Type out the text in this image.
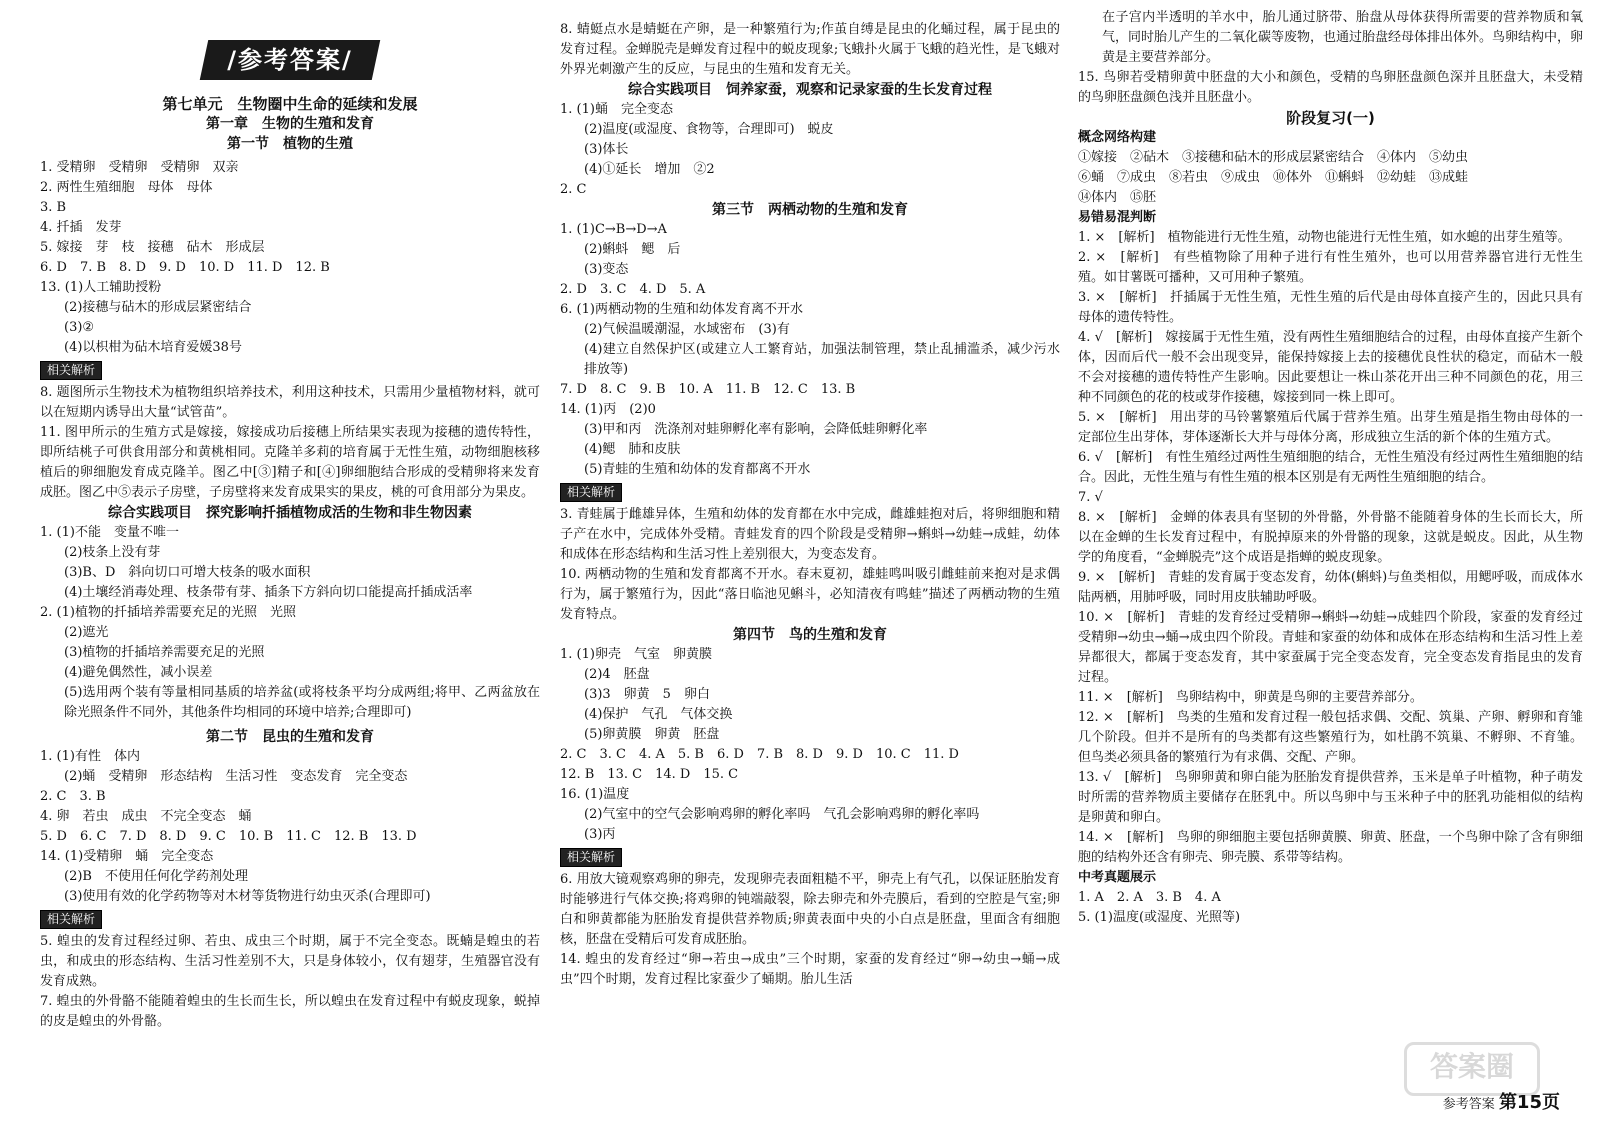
/参考答案/
第七单元　生物圈中生命的延续和发展
第一章　生物的生殖和发育
第一节　植物的生殖
1. 受精卵　受精卵　受精卵　双亲
2. 两性生殖细胞　母体　母体
3. B
4. 扦插　发芽
5. 嫁接　芽　枝　接穗　砧木　形成层
6. D　7. B　8. D　9. D　10. D　11. D　12. B
13. (1)人工辅助授粉
(2)接穗与砧木的形成层紧密结合
(3)②
(4)以枳柑为砧木培育爱媛38号
相关解析
8. 题图所示生物技术为植物组织培养技术，利用这种技术，只需用少量植物材料，就可以在短期内诱导出大量“试管苗”。
11. 图甲所示的生殖方式是嫁接，嫁接成功后接穗上所结果实表现为接穗的遗传特性，即所结桃子可供食用部分和黄桃相同。克隆羊多莉的培育属于无性生殖，动物细胞核移植后的卵细胞发育成克隆羊。图乙中[③]精子和[④]卵细胞结合形成的受精卵将来发育成胚。图乙中⑤表示子房壁，子房壁将来发育成果实的果皮，桃的可食用部分为果皮。
综合实践项目　探究影响扦插植物成活的生物和非生物因素
1. (1)不能　变量不唯一
(2)枝条上没有芽
(3)B、D　斜向切口可增大枝条的吸水面积
(4)土壤经消毒处理、枝条带有芽、插条下方斜向切口能提高扦插成活率
2. (1)植物的扦插培养需要充足的光照　光照
(2)遮光
(3)植物的扦插培养需要充足的光照
(4)避免偶然性，减小误差
(5)选用两个装有等量相同基质的培养盆(或将枝条平均分成两组;将甲、乙两盆放在除光照条件不同外，其他条件均相同的环境中培养;合理即可)
第二节　昆虫的生殖和发育
1. (1)有性　体内
(2)蛹　受精卵　形态结构　生活习性　变态发育　完全变态
2. C　3. B
4. 卵　若虫　成虫　不完全变态　蛹
5. D　6. C　7. D　8. D　9. C　10. B　11. C　12. B　13. D
14. (1)受精卵　蛹　完全变态
(2)B　不使用任何化学药剂处理
(3)使用有效的化学药物等对木材等货物进行幼虫灭杀(合理即可)
相关解析
5. 蝗虫的发育过程经过卵、若虫、成虫三个时期，属于不完全变态。既蝻是蝗虫的若虫，和成虫的形态结构、生活习性差别不大，只是身体较小，仅有翅芽，生殖器官没有发育成熟。
7. 蝗虫的外骨骼不能随着蝗虫的生长而生长，所以蝗虫在发育过程中有蜕皮现象，蜕掉的皮是蝗虫的外骨骼。
8. 蜻蜓点水是蜻蜓在产卵，是一种繁殖行为;作茧自缚是昆虫的化蛹过程，属于昆虫的发育过程。金蝉脱壳是蝉发育过程中的蜕皮现象;飞蛾扑火属于飞蛾的趋光性，是飞蛾对外界光刺激产生的反应，与昆虫的生殖和发育无关。
综合实践项目　饲养家蚕，观察和记录家蚕的生长发育过程
1. (1)蛹　完全变态
(2)温度(或湿度、食物等，合理即可)　蜕皮
(3)体长
(4)①延长　增加　②2
2. C
第三节　两栖动物的生殖和发育
1. (1)C→B→D→A
(2)蝌蚪　鳃　后
(3)变态
2. D　3. C　4. D　5. A
6. (1)两栖动物的生殖和幼体发育离不开水
(2)气候温暖潮湿，水域密布　(3)有
(4)建立自然保护区(或建立人工繁育站，加强法制管理，禁止乱捕滥杀，减少污水排放等)
7. D　8. C　9. B　10. A　11. B　12. C　13. B
14. (1)丙　(2)0
(3)甲和丙　洗涤剂对蛙卵孵化率有影响，会降低蛙卵孵化率
(4)鳃　肺和皮肤
(5)青蛙的生殖和幼体的发育都离不开水
相关解析
3. 青蛙属于雌雄异体，生殖和幼体的发育都在水中完成，雌雄蛙抱对后，将卵细胞和精子产在水中，完成体外受精。青蛙发育的四个阶段是受精卵→蝌蚪→幼蛙→成蛙，幼体和成体在形态结构和生活习性上差别很大，为变态发育。
10. 两栖动物的生殖和发育都离不开水。春末夏初，雄蛙鸣叫吸引雌蛙前来抱对是求偶行为，属于繁殖行为，因此“落日临池见蝌斗，必知清夜有鸣蛙”描述了两栖动物的生殖发育特点。
第四节　鸟的生殖和发育
1. (1)卵壳　气室　卵黄膜
(2)4　胚盘
(3)3　卵黄　5　卵白
(4)保护　气孔　气体交换
(5)卵黄膜　卵黄　胚盘
2. C　3. C　4. A　5. B　6. D　7. B　8. D　9. D　10. C　11. D
12. B　13. C　14. D　15. C
16. (1)温度
(2)气室中的空气会影响鸡卵的孵化率吗　气孔会影响鸡卵的孵化率吗
(3)丙
相关解析
6. 用放大镜观察鸡卵的卵壳，发现卵壳表面粗糙不平，卵壳上有气孔，以保证胚胎发育时能够进行气体交换;将鸡卵的钝端敲裂，除去卵壳和外壳膜后，看到的空腔是气室;卵白和卵黄都能为胚胎发育提供营养物质;卵黄表面中央的小白点是胚盘，里面含有细胞核，胚盘在受精后可发育成胚胎。
14. 蝗虫的发育经过“卵→若虫→成虫”三个时期，家蚕的发育经过“卵→幼虫→蛹→成虫”四个时期，发育过程比家蚕少了蛹期。胎儿生活
在子宫内半透明的羊水中，胎儿通过脐带、胎盘从母体获得所需要的营养物质和氧气，同时胎儿产生的二氧化碳等废物，也通过胎盘经母体排出体外。鸟卵结构中，卵黄是主要营养部分。
15. 鸟卵若受精卵黄中胚盘的大小和颜色，受精的鸟卵胚盘颜色深并且胚盘大，未受精的鸟卵胚盘颜色浅并且胚盘小。
阶段复习(一)
概念网络构建
①嫁接　②砧木　③接穗和砧木的形成层紧密结合　④体内　⑤幼虫
⑥蛹　⑦成虫　⑧若虫　⑨成虫　⑩体外　⑪蝌蚪　⑫幼蛙　⑬成蛙
⑭体内　⑮胚
易错易混判断
1. ×　[解析]　植物能进行无性生殖，动物也能进行无性生殖，如水螅的出芽生殖等。
2. ×　[解析]　有些植物除了用种子进行有性生殖外，也可以用营养器官进行无性生殖。如甘薯既可播种，又可用种子繁殖。
3. ×　[解析]　扦插属于无性生殖，无性生殖的后代是由母体直接产生的，因此只具有母体的遗传特性。
4. √　[解析]　嫁接属于无性生殖，没有两性生殖细胞结合的过程，由母体直接产生新个体，因而后代一般不会出现变异，能保持嫁接上去的接穗优良性状的稳定，而砧木一般不会对接穗的遗传特性产生影响。因此要想让一株山茶花开出三种不同颜色的花，用三种不同颜色的花的枝或芽作接穗，嫁接到同一株上即可。
5. ×　[解析]　用出芽的马铃薯繁殖后代属于营养生殖。出芽生殖是指生物由母体的一定部位生出芽体，芽体逐渐长大并与母体分离，形成独立生活的新个体的生殖方式。
6. √　[解析]　有性生殖经过两性生殖细胞的结合，无性生殖没有经过两性生殖细胞的结合。因此，无性生殖与有性生殖的根本区别是有无两性生殖细胞的结合。
7. √
8. ×　[解析]　金蝉的体表具有坚韧的外骨骼，外骨骼不能随着身体的生长而长大，所以在金蝉的生长发育过程中，有脱掉原来的外骨骼的现象，这就是蜕皮。因此，从生物学的角度看，“金蝉脱壳”这个成语是指蝉的蜕皮现象。
9. ×　[解析]　青蛙的发育属于变态发育，幼体(蝌蚪)与鱼类相似，用鳃呼吸，而成体水陆两栖，用肺呼吸，同时用皮肤辅助呼吸。
10. ×　[解析]　青蛙的发育经过受精卵→蝌蚪→幼蛙→成蛙四个阶段，家蚕的发育经过受精卵→幼虫→蛹→成虫四个阶段。青蛙和家蚕的幼体和成体在形态结构和生活习性上差异都很大，都属于变态发育，其中家蚕属于完全变态发育，完全变态发育指昆虫的发育过程。
11. ×　[解析]　鸟卵结构中，卵黄是鸟卵的主要营养部分。
12. ×　[解析]　鸟类的生殖和发育过程一般包括求偶、交配、筑巢、产卵、孵卵和育雏几个阶段。但并不是所有的鸟类都有这些繁殖行为，如杜鹃不筑巢、不孵卵、不育雏。但鸟类必须具备的繁殖行为有求偶、交配、产卵。
13. √　[解析]　鸟卵卵黄和卵白能为胚胎发育提供营养，玉米是单子叶植物，种子萌发时所需的营养物质主要储存在胚乳中。所以鸟卵中与玉米种子中的胚乳功能相似的结构是卵黄和卵白。
14. ×　[解析]　鸟卵的卵细胞主要包括卵黄膜、卵黄、胚盘，一个鸟卵中除了含有卵细胞的结构外还含有卵壳、卵壳膜、系带等结构。
中考真题展示
1. A　2. A　3. B　4. A
5. (1)温度(或湿度、光照等)
答案圈
参考答案 第15页
